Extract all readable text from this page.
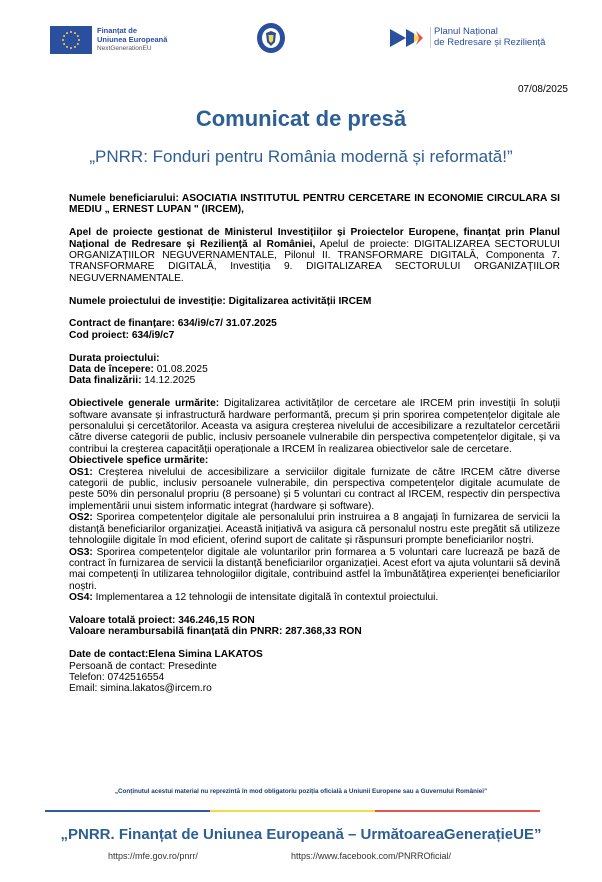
Finanțat de
Uniunea Europeană
NextGenerationEU
Planul Național
de Redresare și Reziliență
07/08/2025
Comunicat de presă
„PNRR: Fonduri pentru România modernă și reformată!”

Numele beneficiarului: ASOCIATIA INSTITUTUL PENTRU CERCETARE IN ECONOMIE CIRCULARA SI MEDIU „ ERNEST LUPAN " (IRCEM),

Apel de proiecte gestionat de Ministerul Investițiilor și Proiectelor Europene, finanțat prin Planul Național de Redresare și Reziliență al României, Apelul de proiecte: DIGITALIZAREA SECTORULUI ORGANIZAȚIILOR NEGUVERNAMENTALE, Pilonul II. TRANSFORMARE DIGITALĂ, Componenta 7. TRANSFORMARE DIGITALĂ, Investiția 9. DIGITALIZAREA SECTORULUI ORGANIZAȚIILOR NEGUVERNAMENTALE.

Numele proiectului de investiție: Digitalizarea activității IRCEM

Contract de finanțare: 634/i9/c7/ 31.07.2025

Cod proiect: 634/i9/c7

Durata proiectului:

Data de începere: 01.08.2025

Data finalizării: 14.12.2025

Obiectivele generale urmărite: Digitalizarea activităților de cercetare ale IRCEM prin investiții în soluții software avansate și infrastructură hardware performantă, precum și prin sporirea competențelor digitale ale personalului și cercetătorilor. Aceasta va asigura creșterea nivelului de accesibilizare a rezultatelor cercetării către diverse categorii de public, inclusiv persoanele vulnerabile din perspectiva competențelor digitale, și va contribui la creșterea capacității operaționale a IRCEM în realizarea obiectivelor sale de cercetare.

Obiectivele spefice urmărite:

OS1: Creșterea nivelului de accesibilizare a serviciilor digitale furnizate de către IRCEM către diverse categorii de public, inclusiv persoanele vulnerabile, din perspectiva competențelor digitale acumulate de peste 50% din personalul propriu (8 persoane) și 5 voluntari cu contract al IRCEM, respectiv din perspectiva implementării unui sistem informatic integrat (hardware și software).

OS2: Sporirea competențelor digitale ale personalului prin instruirea a 8 angajați în furnizarea de servicii la distanță beneficiarilor organizației. Această inițiativă va asigura că personalul nostru este pregătit să utilizeze tehnologiile digitale în mod eficient, oferind suport de calitate și răspunsuri prompte beneficiarilor noștri.

OS3: Sporirea competențelor digitale ale voluntarilor prin formarea a 5 voluntari care lucrează pe bază de contract în furnizarea de servicii la distanță beneficiarilor organizației. Acest efort va ajuta voluntarii să devină mai competenți în utilizarea tehnologiilor digitale, contribuind astfel la îmbunătățirea experienței beneficiarilor noștri.

OS4: Implementarea a 12 tehnologii de intensitate digitală în contextul proiectului.

Valoare totală proiect: 346.246,15 RON

Valoare nerambursabilă finanțată din PNRR: 287.368,33 RON

Date de contact:Elena Simina LAKATOS

Persoană de contact: Presedinte

Telefon: 0742516554

Email: simina.lakatos@ircem.ro

„Conținutul acestui material nu reprezintă în mod obligatoriu poziția oficială a Uniunii Europene sau a Guvernului României”
„PNRR. Finanțat de Uniunea Europeană – UrmătoareaGenerațieUE”
https://mfe.gov.ro/pnrr/	https://www.facebook.com/PNRROficial/
